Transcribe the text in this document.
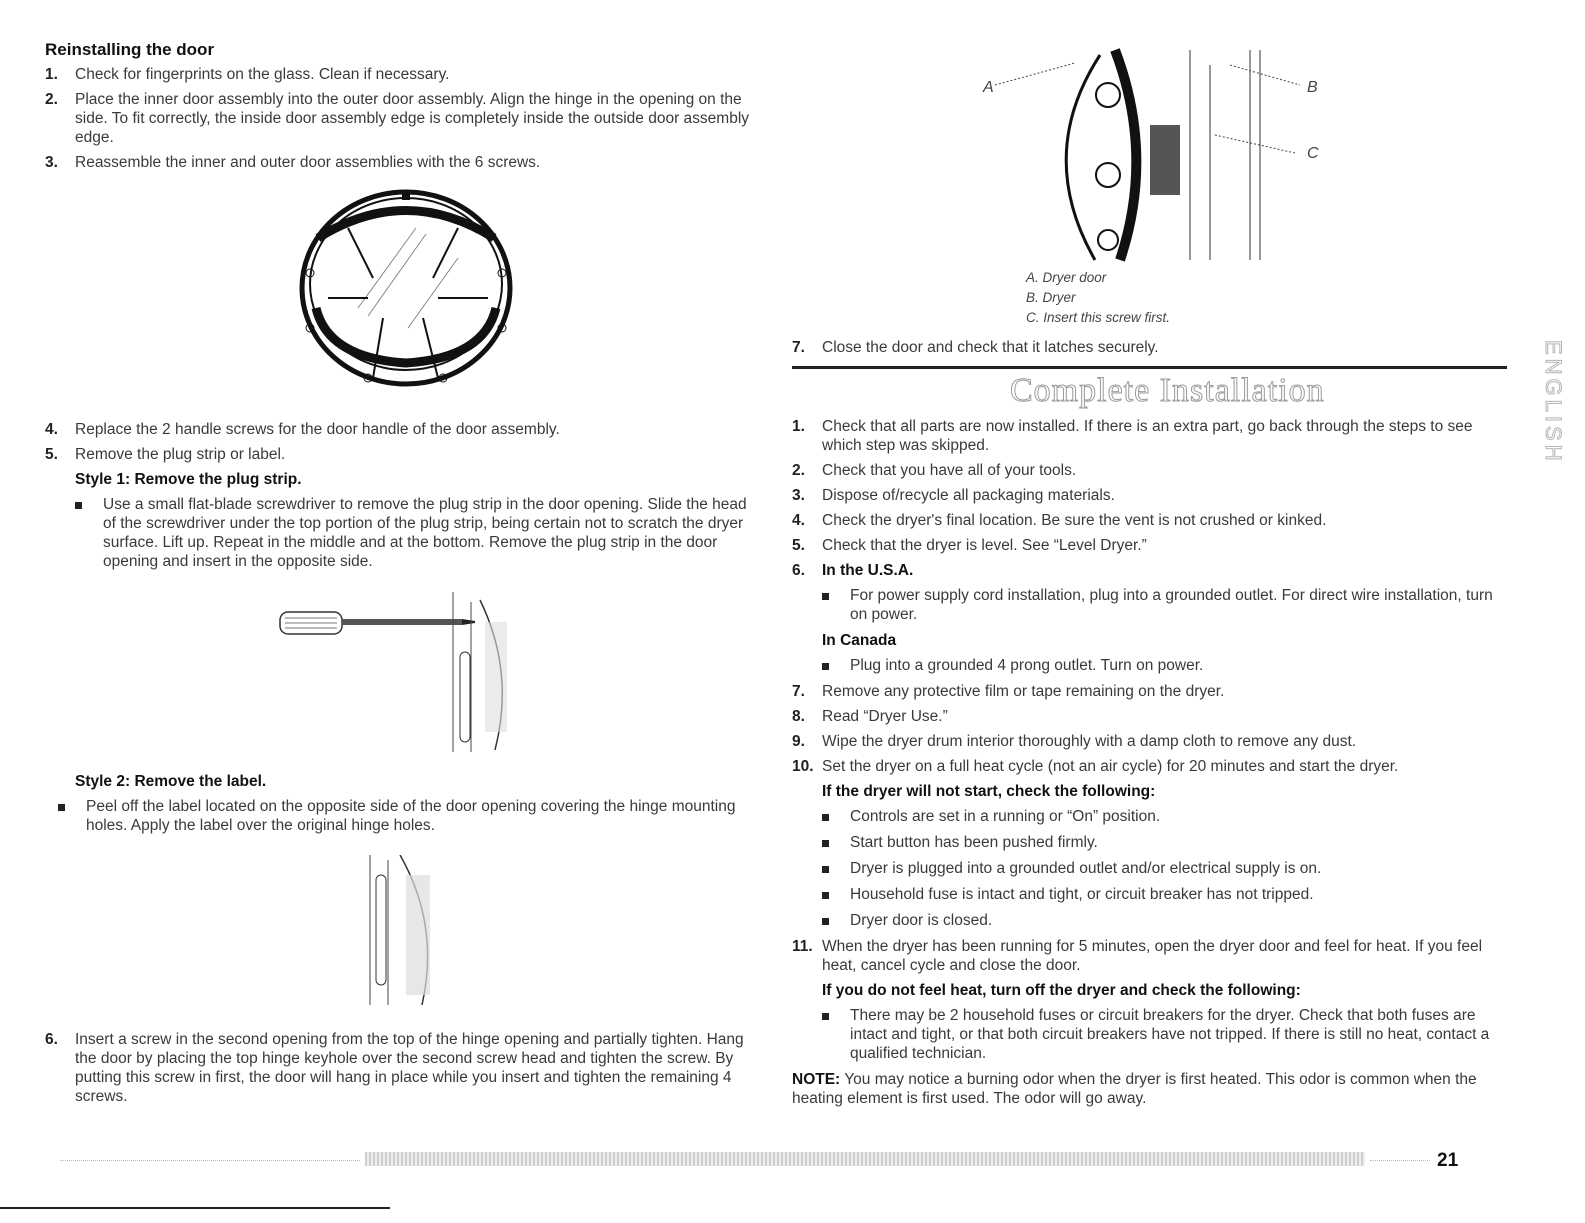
Reinstalling the door
1.	Check for fingerprints on the glass. Clean if necessary.
2.	Place the inner door assembly into the outer door assembly. Align the hinge in the opening on the side. To fit correctly, the inside door assembly edge is completely inside the outside door assembly edge.
3.	Reassemble the inner and outer door assemblies with the 6 screws.
4.	Replace the 2 handle screws for the door handle of the door assembly.
5.	Remove the plug strip or label.
Style 1: Remove the plug strip.
Use a small flat-blade screwdriver to remove the plug strip in the door opening. Slide the head of the screwdriver under the top portion of the plug strip, being certain not to scratch the dryer surface. Lift up. Repeat in the middle and at the bottom. Remove the plug strip in the door opening and insert in the opposite side.
Style 2: Remove the label.
Peel off the label located on the opposite side of the door opening covering the hinge mounting holes. Apply the label over the original hinge holes.
6.	Insert a screw in the second opening from the top of the hinge opening and partially tighten. Hang the door by placing the top hinge keyhole over the second screw head and tighten the screw. By putting this screw in first, the door will hang in place while you insert and tighten the remaining 4 screws.
A	B
C
A. Dryer door
B. Dryer
C. Insert this screw first.
7.	Close the door and check that it latches securely.
Complete Installation
1.	Check that all parts are now installed. If there is an extra part, go back through the steps to see which step was skipped.
2.	Check that you have all of your tools.
3.	Dispose of/recycle all packaging materials.
4.	Check the dryer's final location. Be sure the vent is not crushed or kinked.
5.	Check that the dryer is level. See “Level Dryer.”
6.	In the U.S.A.
For power supply cord installation, plug into a grounded outlet. For direct wire installation, turn on power.
In Canada
Plug into a grounded 4 prong outlet. Turn on power.
7.	Remove any protective film or tape remaining on the dryer.
8.	Read “Dryer Use.”
9.	Wipe the dryer drum interior thoroughly with a damp cloth to remove any dust.
10. Set the dryer on a full heat cycle (not an air cycle) for 20 minutes and start the dryer.
If the dryer will not start, check the following:
Controls are set in a running or “On” position.
Start button has been pushed firmly.
Dryer is plugged into a grounded outlet and/or electrical supply is on.
Household fuse is intact and tight, or circuit breaker has not tripped.
Dryer door is closed.
11. When the dryer has been running for 5 minutes, open the dryer door and feel for heat. If you feel heat, cancel cycle and close the door.
If you do not feel heat, turn off the dryer and check the following:
There may be 2 household fuses or circuit breakers for the dryer. Check that both fuses are intact and tight, or that both circuit breakers have not tripped. If there is still no heat, contact a qualified technician.
NOTE: You may notice a burning odor when the dryer is first heated. This odor is common when the heating element is first used. The odor will go away.
ENGLISH
21
